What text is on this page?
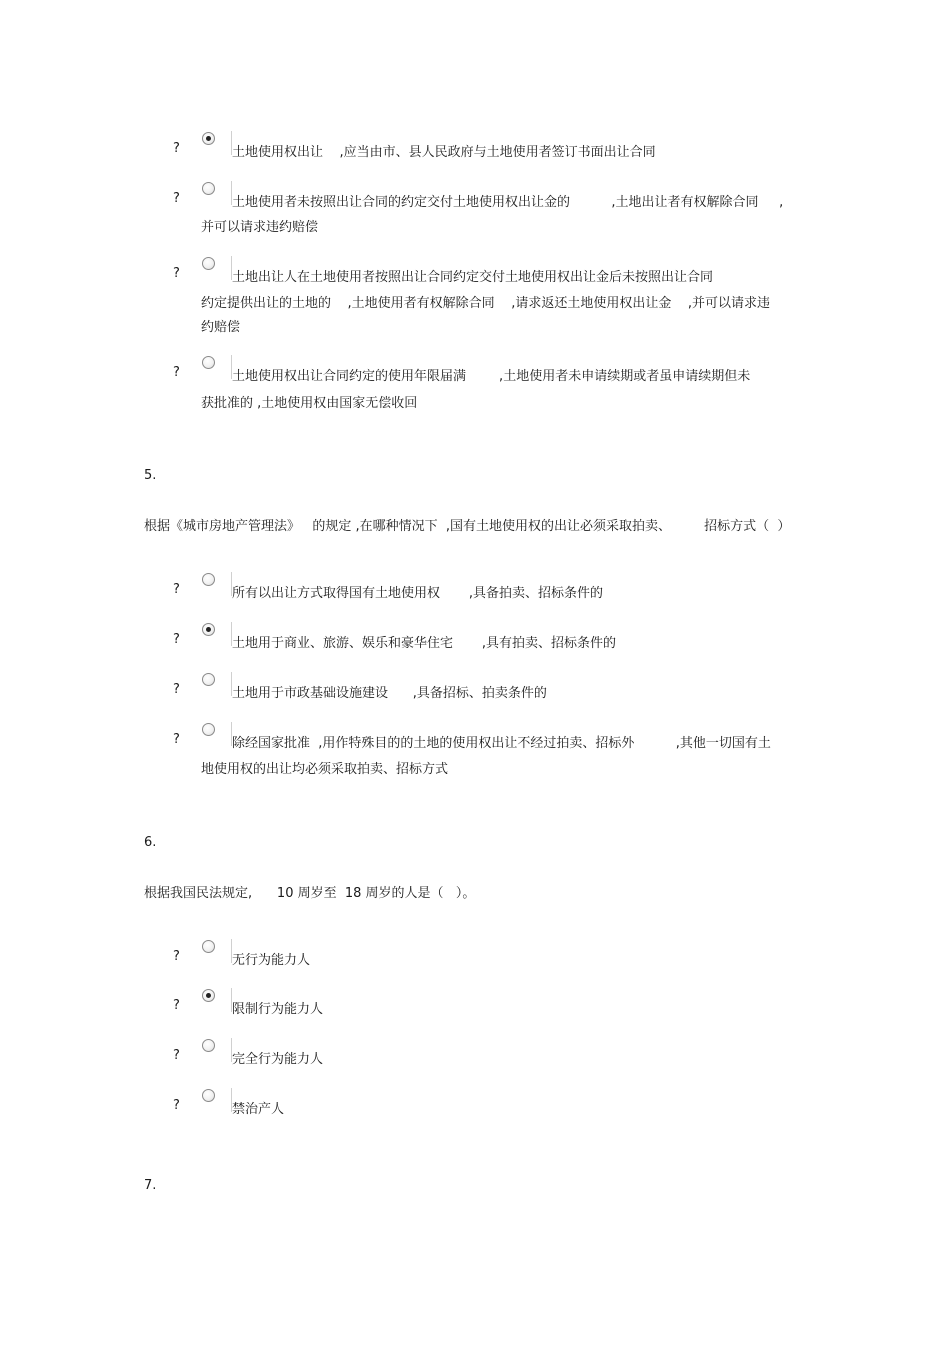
?	土地使用权出让    ,应当由市、县人民政府与土地使用者签订书面出让合同
?	土地使用者未按照出让合同的约定交付土地使用权出让金的          ,土地出让者有权解除合同     ,
并可以请求违约赔偿
?	土地出让人在土地使用者按照出让合同约定交付土地使用权出让金后未按照出让合同
约定提供出让的土地的    ,土地使用者有权解除合同    ,请求返还土地使用权出让金    ,并可以请求违
约赔偿
?	土地使用权出让合同约定的使用年限届满        ,土地使用者未申请续期或者虽申请续期但未
获批准的 ,土地使用权由国家无偿收回
5.
根据《城市房地产管理法》   的规定 ,在哪种情况下  ,国有土地使用权的出让必须采取拍卖、        招标方式（  ）
?	所有以出让方式取得国有土地使用权       ,具备拍卖、招标条件的
?	土地用于商业、旅游、娱乐和豪华住宅       ,具有拍卖、招标条件的
?	土地用于市政基础设施建设      ,具备招标、拍卖条件的
?	除经国家批准  ,用作特殊目的的土地的使用权出让不经过拍卖、招标外          ,其他一切国有土
地使用权的出让均必须采取拍卖、招标方式
6.
根据我国民法规定,      10 周岁至  18 周岁的人是（   ）。
?	无行为能力人
?	限制行为能力人
?	完全行为能力人
?	禁治产人
7.
